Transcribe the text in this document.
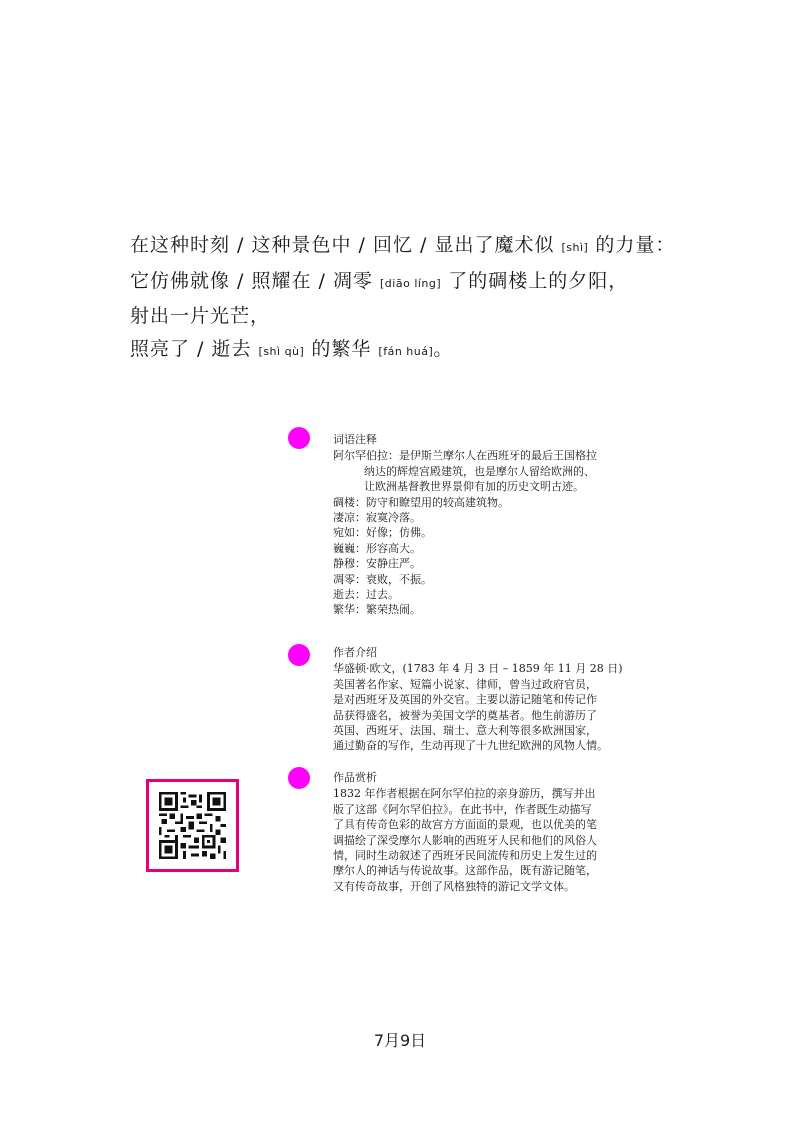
在这种时刻 / 这种景色中 / 回忆 / 显出了魔术似 [shì] 的力量：
它仿佛就像 / 照耀在 / 凋零 [diāo líng] 了的碉楼上的夕阳，
射出一片光芒，
照亮了 / 逝去 [shì qù] 的繁华 [fán huá]。
词语注释
阿尔罕伯拉：是伊斯兰摩尔人在西班牙的最后王国格拉
纳达的辉煌宫殿建筑，也是摩尔人留给欧洲的、
让欧洲基督教世界景仰有加的历史文明古迹。
碉楼：防守和瞭望用的较高建筑物。
凄凉：寂寞冷落。
宛如：好像；仿佛。
巍巍：形容高大。
静穆：安静庄严。
凋零：衰败，不振。
逝去：过去。
繁华：繁荣热闹。
作者介绍
华盛顿·欧文，(1783 年 4 月 3 日 – 1859 年 11 月 28 日)
美国著名作家、短篇小说家、律师，曾当过政府官员，
是对西班牙及英国的外交官。主要以游记随笔和传记作
品获得盛名，被誉为美国文学的奠基者。他生前游历了
英国、西班牙、法国、瑞士、意大利等很多欧洲国家，
通过勤奋的写作，生动再现了十九世纪欧洲的风物人情。
作品赏析
1832 年作者根据在阿尔罕伯拉的亲身游历，撰写并出
版了这部《阿尔罕伯拉》。在此书中，作者既生动描写
了具有传奇色彩的故宫方方面面的景观，也以优美的笔
调描绘了深受摩尔人影响的西班牙人民和他们的风俗人
情，同时生动叙述了西班牙民间流传和历史上发生过的
摩尔人的神话与传说故事。这部作品，既有游记随笔，
又有传奇故事，开创了风格独特的游记文学文体。
7月9日
